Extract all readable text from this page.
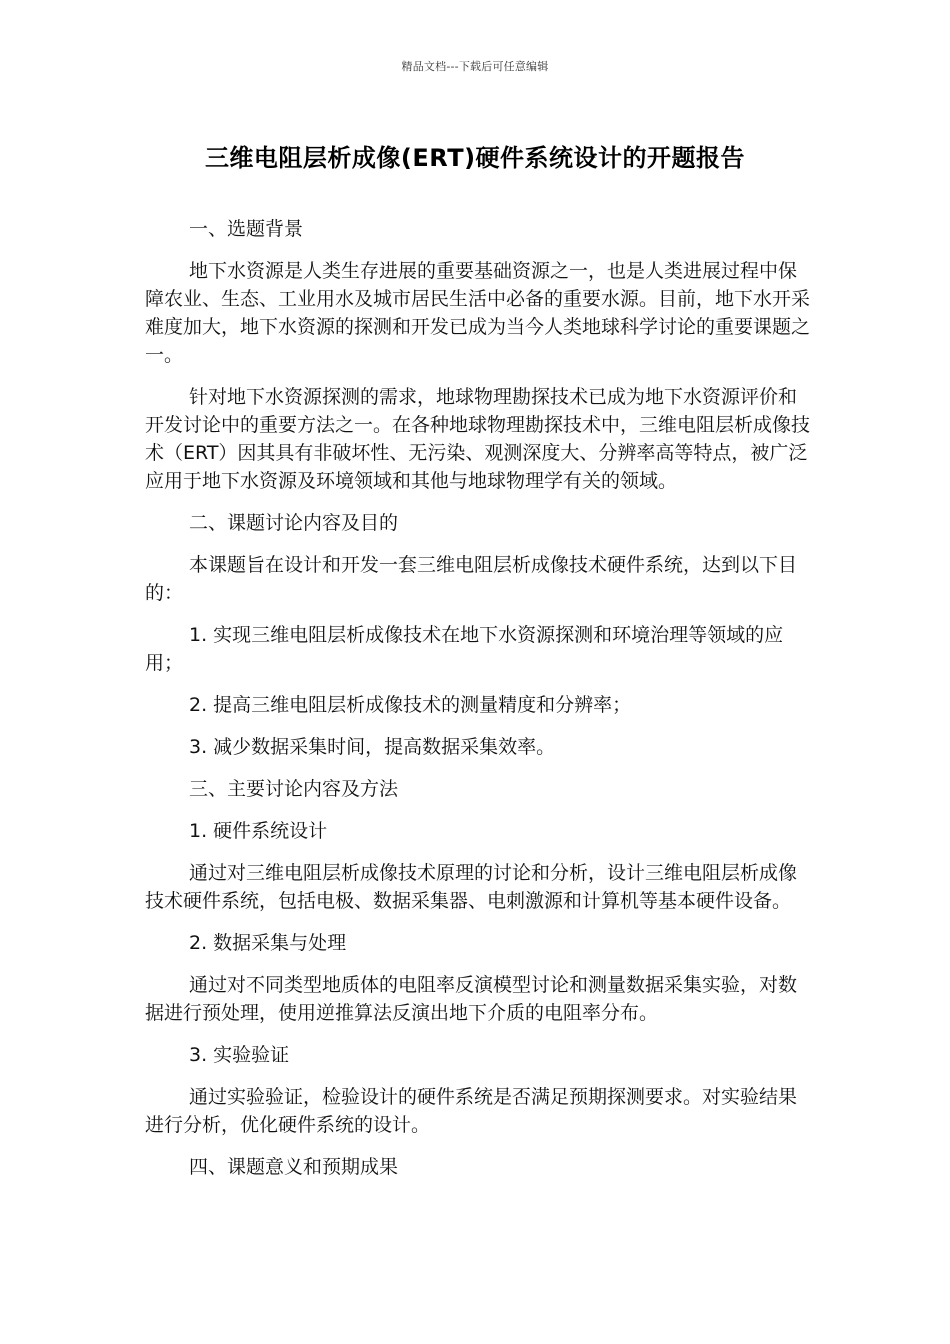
精品文档---下载后可任意编辑
三维电阻层析成像(ERT)硬件系统设计的开题报告

一、选题背景

地下水资源是人类生存进展的重要基础资源之一，也是人类进展过程中保障农业、生态、工业用水及城市居民生活中必备的重要水源。目前，地下水开采难度加大，地下水资源的探测和开发已成为当今人类地球科学讨论的重要课题之一。

针对地下水资源探测的需求，地球物理勘探技术已成为地下水资源评价和开发讨论中的重要方法之一。在各种地球物理勘探技术中，三维电阻层析成像技术（ERT）因其具有非破坏性、无污染、观测深度大、分辨率高等特点，被广泛应用于地下水资源及环境领域和其他与地球物理学有关的领域。

二、课题讨论内容及目的

本课题旨在设计和开发一套三维电阻层析成像技术硬件系统，达到以下目的：

1. 实现三维电阻层析成像技术在地下水资源探测和环境治理等领域的应用；

2. 提高三维电阻层析成像技术的测量精度和分辨率；

3. 减少数据采集时间，提高数据采集效率。

三、主要讨论内容及方法

1. 硬件系统设计

通过对三维电阻层析成像技术原理的讨论和分析，设计三维电阻层析成像技术硬件系统，包括电极、数据采集器、电刺激源和计算机等基本硬件设备。

2. 数据采集与处理

通过对不同类型地质体的电阻率反演模型讨论和测量数据采集实验，对数据进行预处理，使用逆推算法反演出地下介质的电阻率分布。

3. 实验验证

通过实验验证，检验设计的硬件系统是否满足预期探测要求。对实验结果进行分析，优化硬件系统的设计。

四、课题意义和预期成果
